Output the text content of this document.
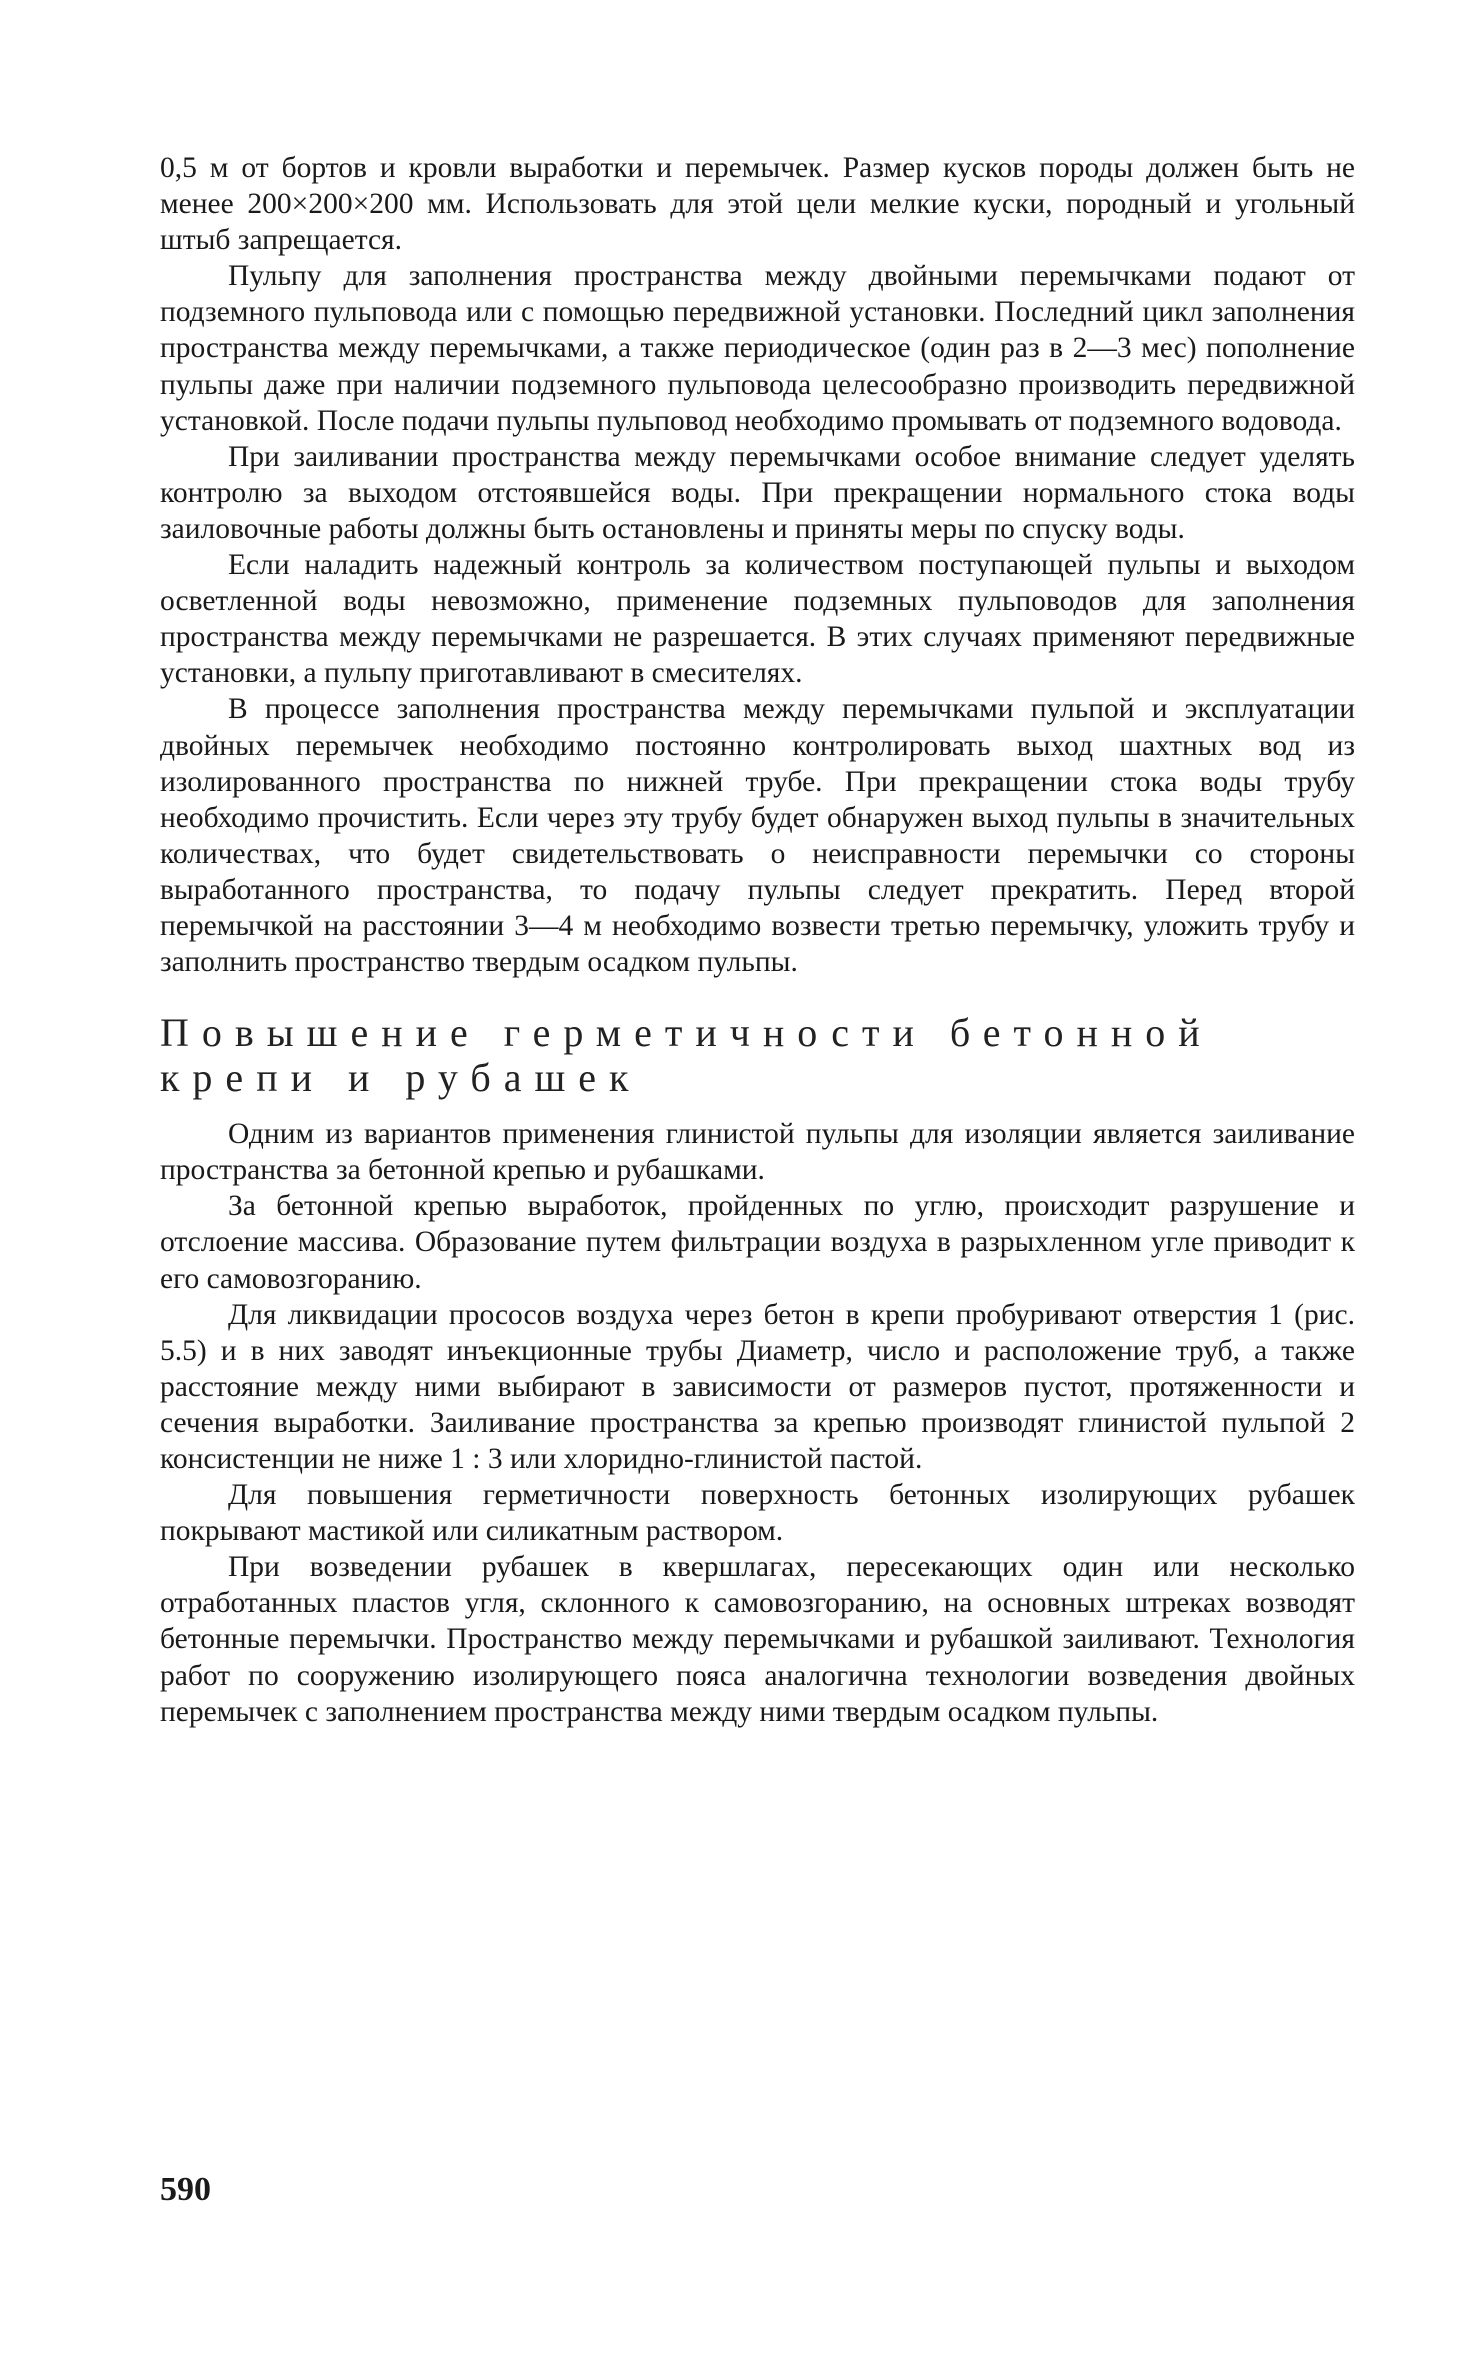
0,5 м от бортов и кровли выработки и перемычек. Размер кусков породы должен быть не менее 200×200×200 мм. Использовать для этой цели мелкие куски, породный и угольный штыб запрещается.

Пульпу для заполнения пространства между двойными перемычками подают от подземного пульповода или с помощью передвижной установки. Последний цикл заполнения пространства между перемычками, а также периодическое (один раз в 2—3 мес) пополнение пульпы даже при наличии подземного пульповода целесообразно производить передвижной установкой. После подачи пульпы пульповод необходимо промывать от подземного водовода.

При заиливании пространства между перемычками особое внимание следует уделять контролю за выходом отстоявшейся воды. При прекращении нормального стока воды заиловочные работы должны быть остановлены и приняты меры по спуску воды.

Если наладить надежный контроль за количеством поступающей пульпы и выходом осветленной воды невозможно, применение подземных пульповодов для заполнения пространства между перемычками не разрешается. В этих случаях применяют передвижные установки, а пульпу приготавливают в смесителях.

В процессе заполнения пространства между перемычками пульпой и эксплуатации двойных перемычек необходимо постоянно контролировать выход шахтных вод из изолированного пространства по нижней трубе. При прекращении стока воды трубу необходимо прочистить. Если через эту трубу будет обнаружен выход пульпы в значительных количествах, что будет свидетельствовать о неисправности перемычки со стороны выработанного пространства, то подачу пульпы следует прекратить. Перед второй перемычкой на расстоянии 3—4 м необходимо возвести третью перемычку, уложить трубу и заполнить пространство твердым осадком пульпы.

Повышение герметичности бетонной крепи и рубашек

Одним из вариантов применения глинистой пульпы для изоляции является заиливание пространства за бетонной крепью и рубашками.

За бетонной крепью выработок, пройденных по углю, происходит разрушение и отслоение массива. Образование путем фильтрации воздуха в разрыхленном угле приводит к его самовозгоранию.

Для ликвидации прососов воздуха через бетон в крепи пробуривают отверстия 1 (рис. 5.5) и в них заводят инъекционные трубы Диаметр, число и расположение труб, а также расстояние между ними выбирают в зависимости от размеров пустот, протяженности и сечения выработки. Заиливание пространства за крепью производят глинистой пульпой 2 консистенции не ниже 1 : 3 или хлоридно-глинистой пастой.

Для повышения герметичности поверхность бетонных изолирующих рубашек покрывают мастикой или силикатным раствором.

При возведении рубашек в квершлагах, пересекающих один или несколько отработанных пластов угля, склонного к самовозгоранию, на основных штреках возводят бетонные перемычки. Пространство между перемычками и рубашкой заиливают. Технология работ по сооружению изолирующего пояса аналогична технологии возведения двойных перемычек с заполнением пространства между ними твердым осадком пульпы.

590
